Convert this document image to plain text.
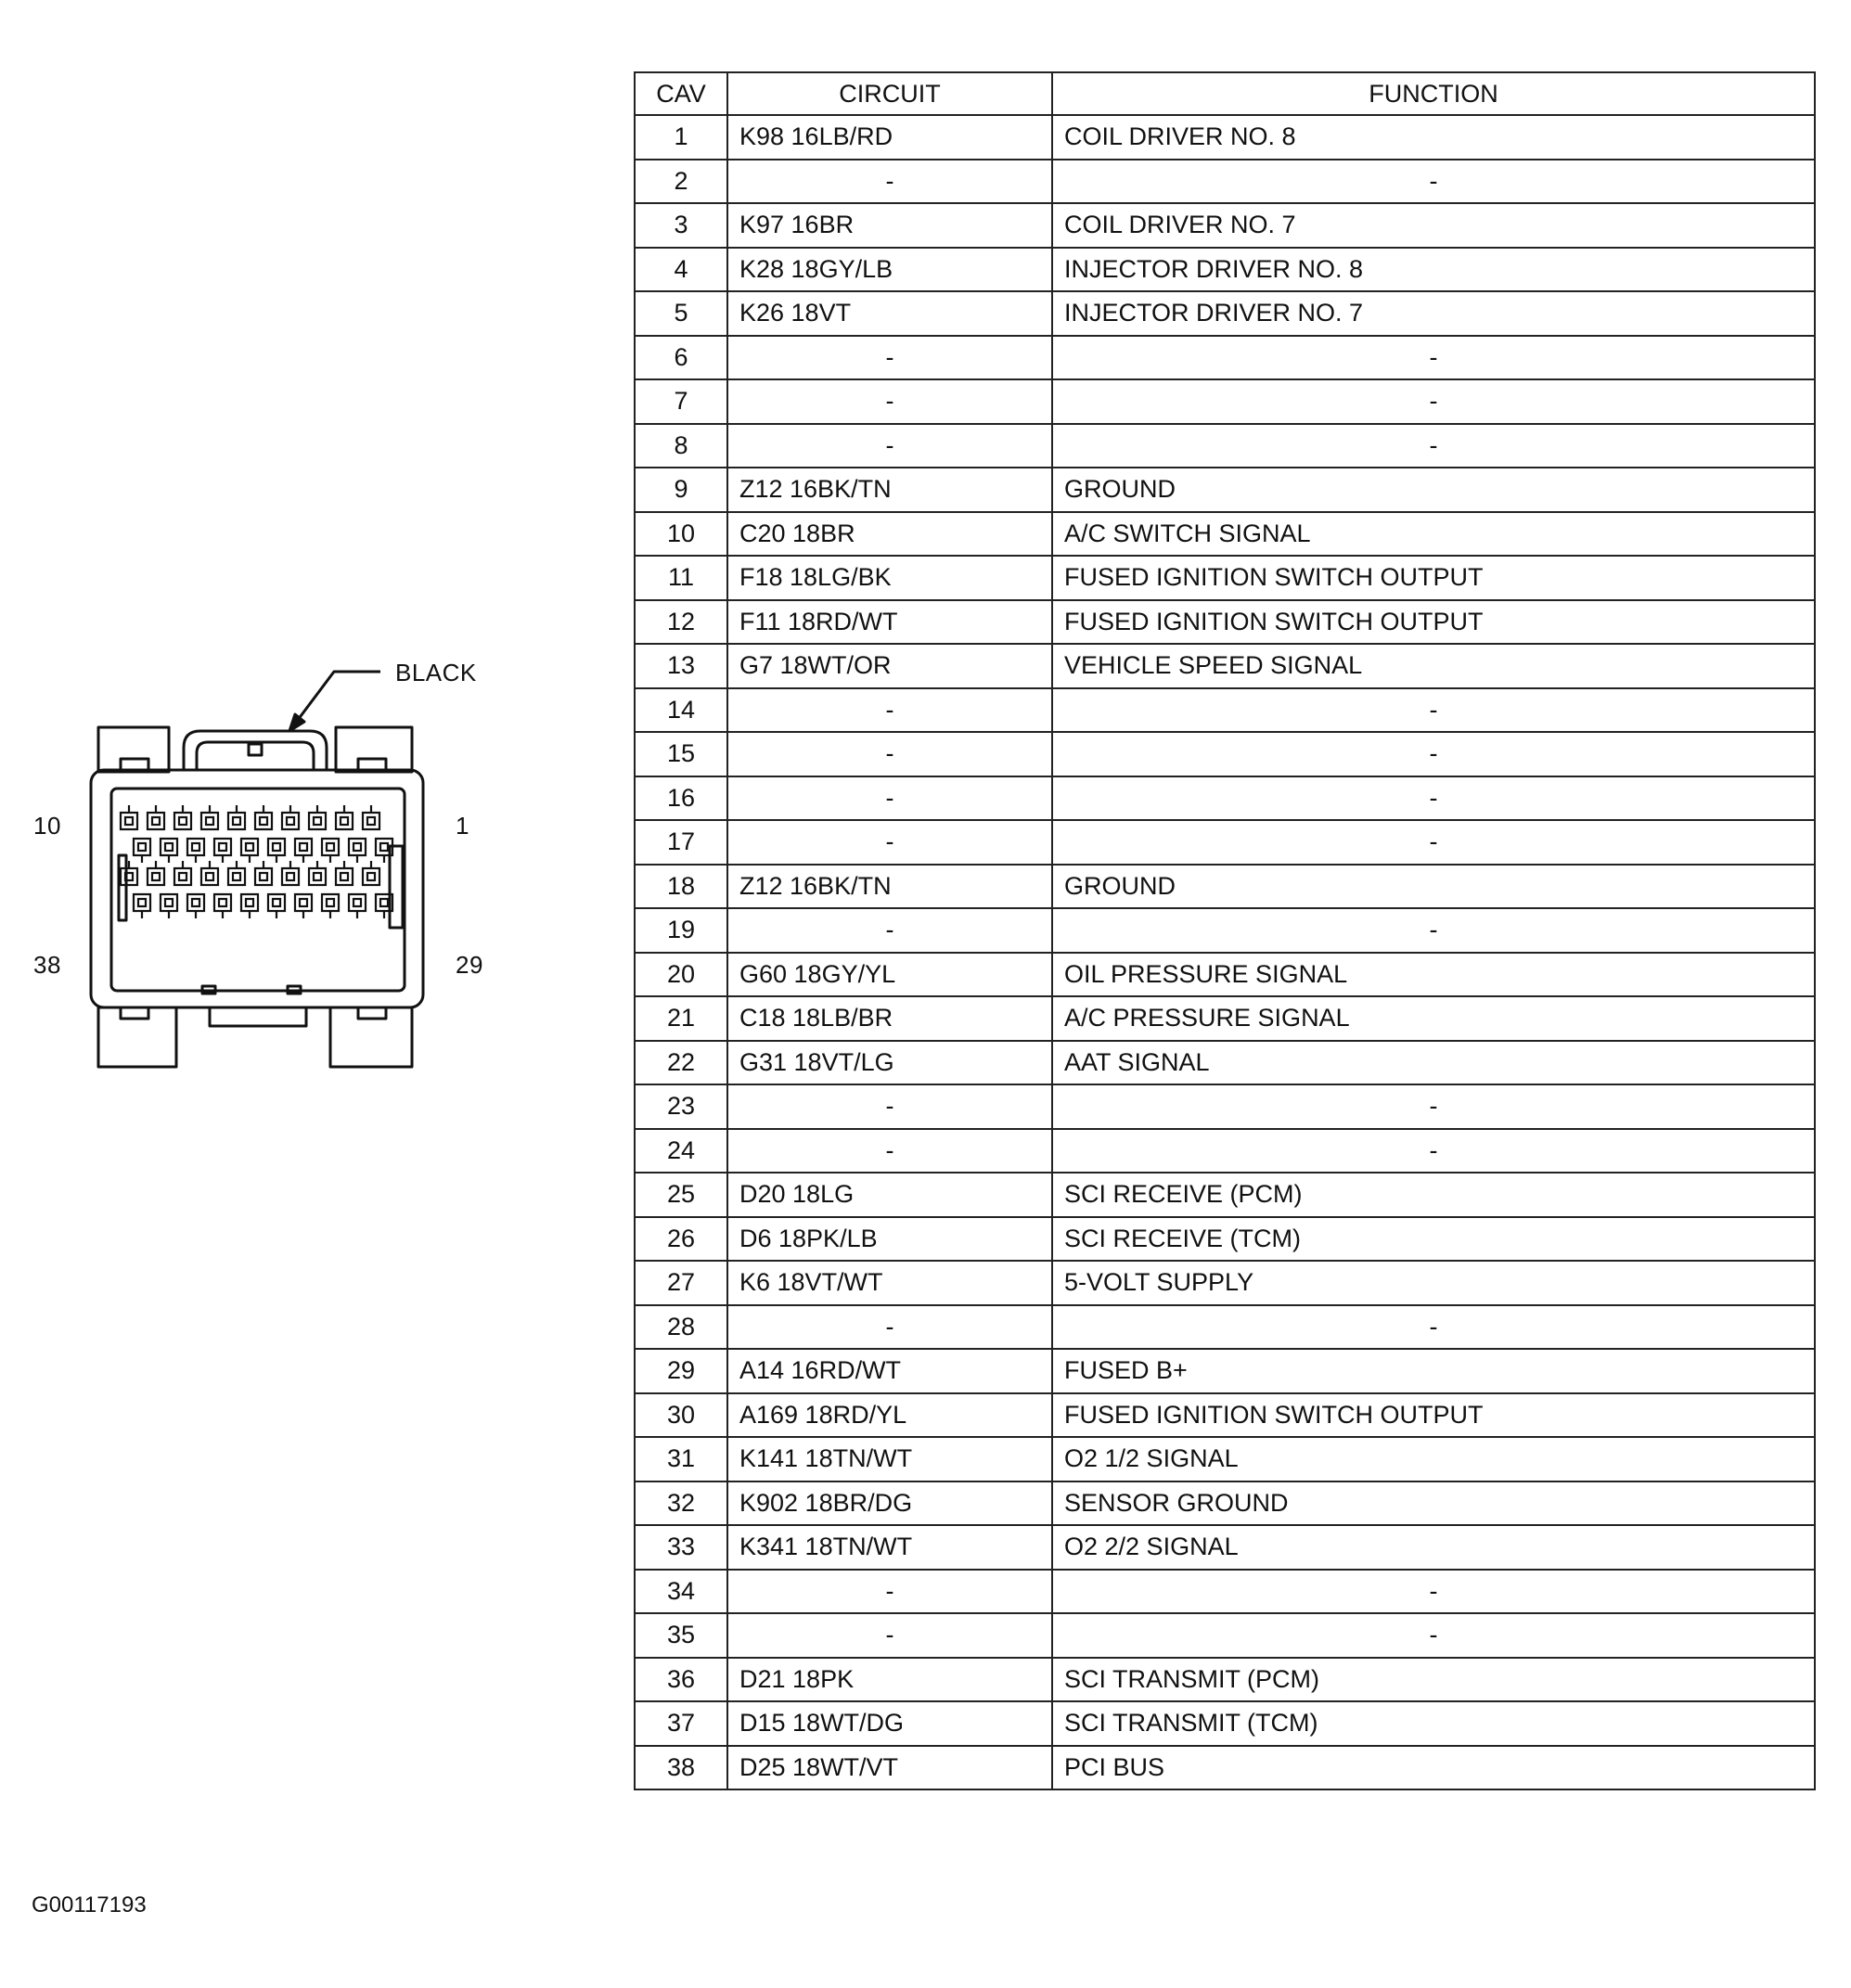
BLACK
10	1
38	29
CAV	CIRCUIT	FUNCTION
1	K98 16LB/RD	COIL DRIVER NO. 8
2	-	-
3	K97 16BR	COIL DRIVER NO. 7
4	K28 18GY/LB	INJECTOR DRIVER NO. 8
5	K26 18VT	INJECTOR DRIVER NO. 7
6	-	-
7	-	-
8	-	-
9	Z12 16BK/TN	GROUND
10	C20 18BR	A/C SWITCH SIGNAL
11	F18 18LG/BK	FUSED IGNITION SWITCH OUTPUT
12	F11 18RD/WT	FUSED IGNITION SWITCH OUTPUT
13	G7 18WT/OR	VEHICLE SPEED SIGNAL
14	-	-
15	-	-
16	-	-
17	-	-
18	Z12 16BK/TN	GROUND
19	-	-
20	G60 18GY/YL	OIL PRESSURE SIGNAL
21	C18 18LB/BR	A/C PRESSURE SIGNAL
22	G31 18VT/LG	AAT SIGNAL
23	-	-
24	-	-
25	D20 18LG	SCI RECEIVE (PCM)
26	D6 18PK/LB	SCI RECEIVE (TCM)
27	K6 18VT/WT	5-VOLT SUPPLY
28	-	-
29	A14 16RD/WT	FUSED B+
30	A169 18RD/YL	FUSED IGNITION SWITCH OUTPUT
31	K141 18TN/WT	O2 1/2 SIGNAL
32	K902 18BR/DG	SENSOR GROUND
33	K341 18TN/WT	O2 2/2 SIGNAL
34	-	-
35	-	-
36	D21 18PK	SCI TRANSMIT (PCM)
37	D15 18WT/DG	SCI TRANSMIT (TCM)
38	D25 18WT/VT	PCI BUS
G00117193
